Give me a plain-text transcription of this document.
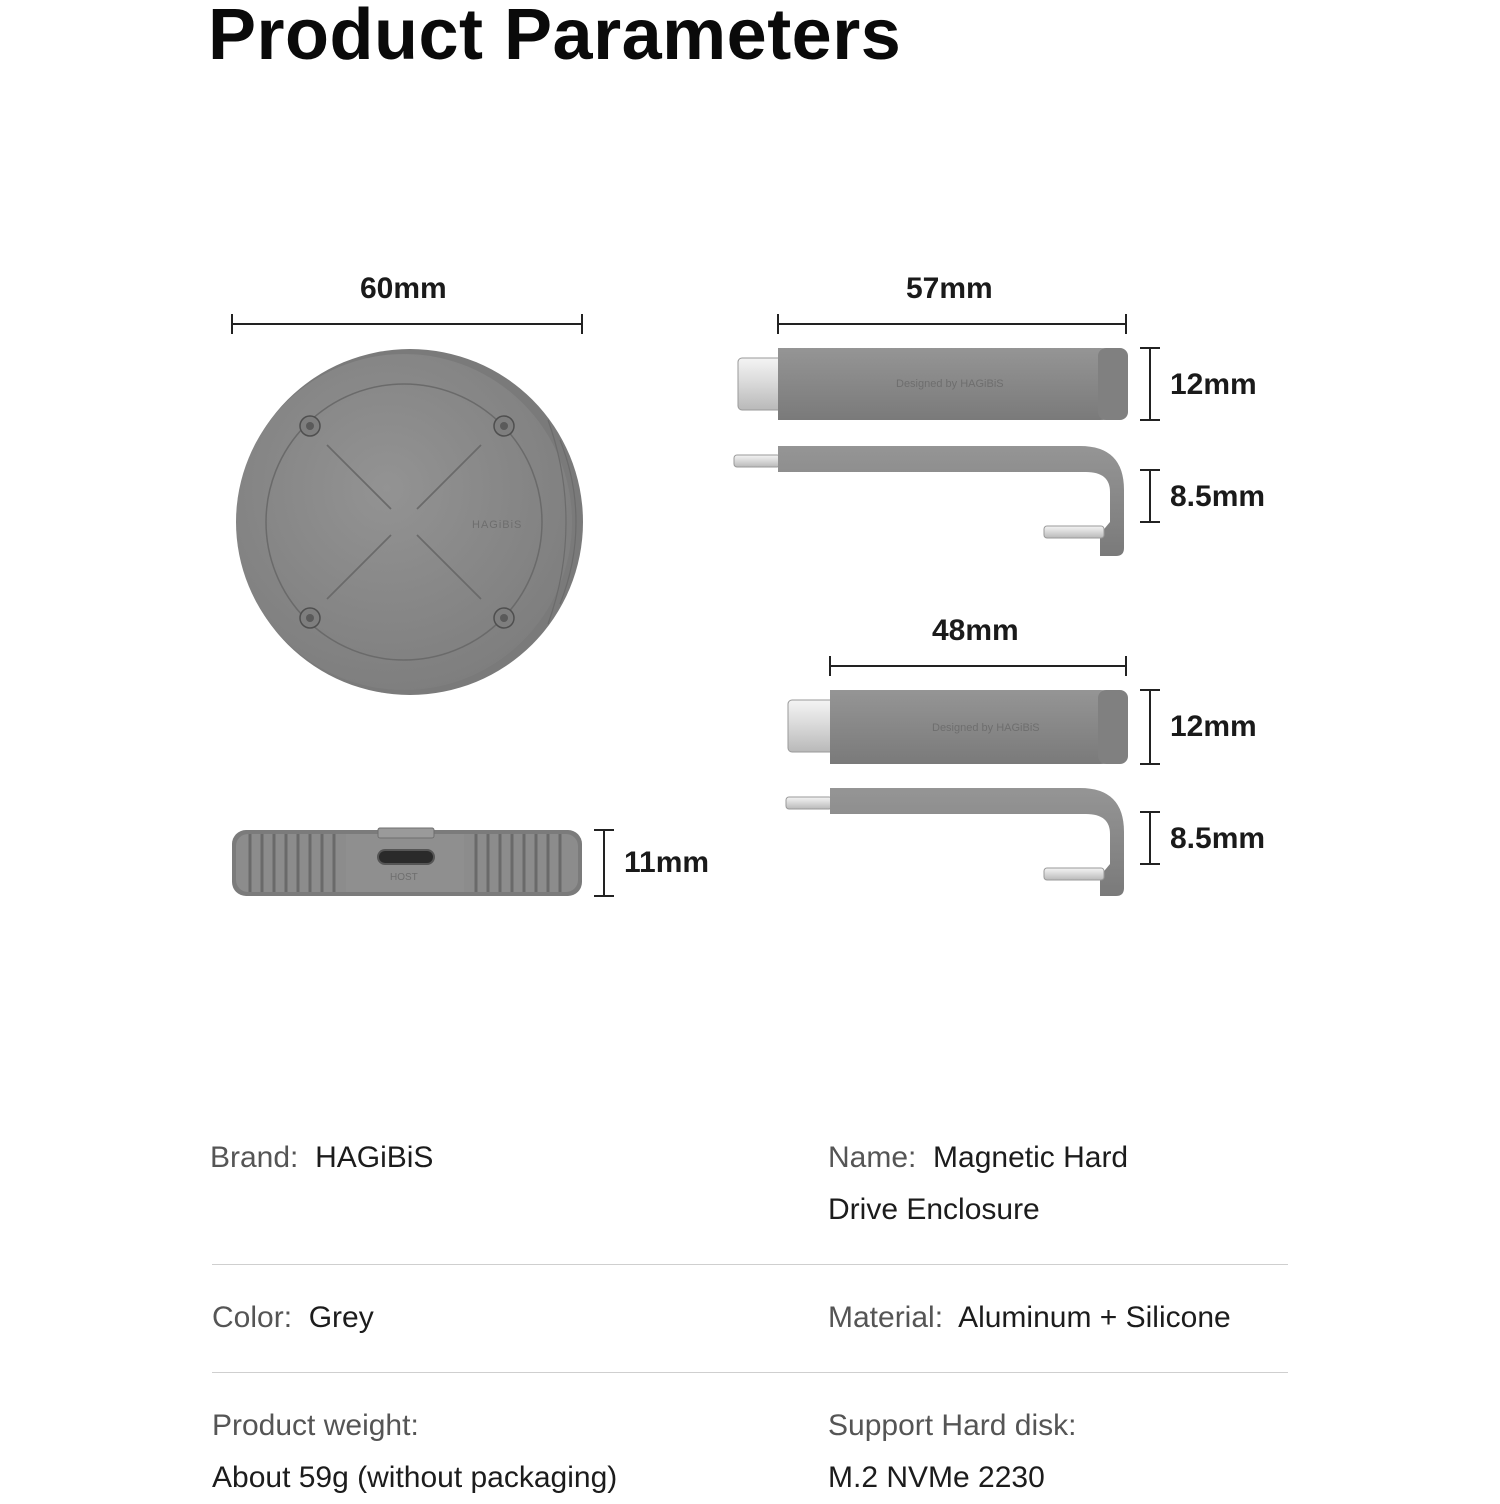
Product Parameters
60mm
11mm
57mm
12mm
8.5mm
48mm
12mm
8.5mm
HAGiBiS
HOST
Designed by HAGiBiS
Designed by HAGiBiS
Brand: HAGiBiS	Name: Magnetic Hard
Drive Enclosure
Color: Grey	Material: Aluminum + Silicone
Product weight:
About 59g (without packaging)
Support Hard disk:
M.2 NVMe 2230
